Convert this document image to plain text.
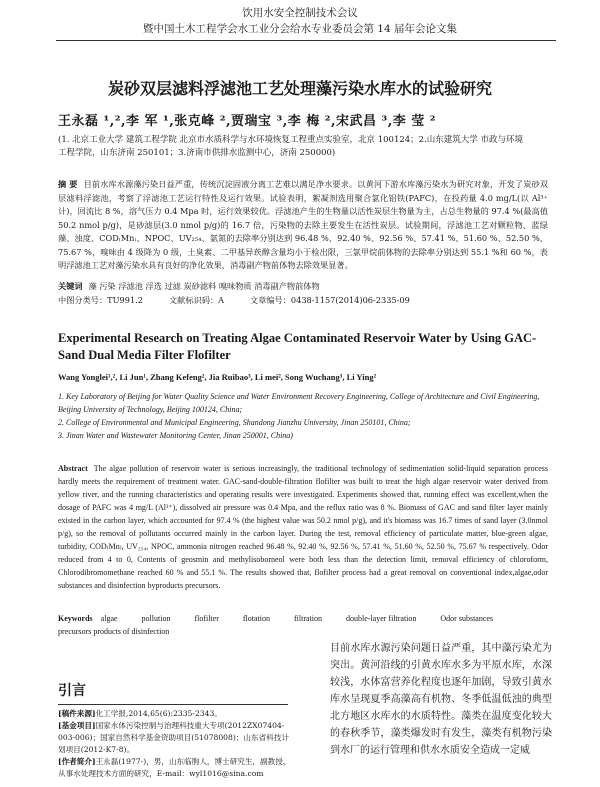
饮用水安全控制技术会议
暨中国土木工程学会水工业分会给水专业委员会第 14 届年会论文集
炭砂双层滤料浮滤池工艺处理藻污染水库水的试验研究
王永磊 ¹,²,李 军 ¹,张克峰 ²,贾瑞宝 ³,李 梅 ²,宋武昌 ³,李 莹 ²
(1. 北京工业大学 建筑工程学院 北京市水质科学与水环境恢复工程重点实验室，北京 100124；2.山东建筑大学 市政与环境
工程学院，山东济南 250101；3.济南市供排水监测中心，济南 250000)
摘 要 目前水库水源藻污染日益严重，传统沉淀固液分离工艺难以满足净水要求。以黄河下游水库藻污染水为研究对象，开发了炭砂双层滤料浮滤池，考察了浮滤池工艺运行特性及运行效果。试验表明，絮凝剂选用聚合氯化铝铁(PAFC)，在投药量 4.0 mg/L(以 Al³⁺计)，回流比 8 %，溶气压力 0.4 Mpa 时，运行效果较优。浮滤池产生的生物量以活性炭层生物量为主，占总生物量的 97.4 %(最高值 50.2 nmol p/g)，是砂滤层(3.0 nmol p/g)的 16.7 倍，污染物的去除主要发生在活性炭层。试验期间，浮滤池工艺对颗粒物、蓝绿藻、浊度、COD₍Mn₎、NPOC、UV₂₅₄、氨氮的去除率分别达到 96.48 %、92.40 %、92.56 %、57.41 %、51.60 %、52.50 %、75.67 %，嗅味由 4 级降为 0 级，土臭素、二甲基异莰醇含量均小于检出限，三氯甲烷前体物的去除率分别达到 55.1 %和 60 %，表明浮滤池工艺对藻污染水具有良好的净化效果，消毒副产物前体物去除效果显著。
关键词 藻 污染 浮滤池 浮选 过滤 炭砂滤料 嗅味物质 消毒副产物前体物
中图分类号：TU991.2	文献标识码：A	文章编号：0438-1157(2014)06-2335-09
Experimental Research on Treating Algae Contaminated Reservoir Water by Using GAC-Sand Dual Media Filter Flofilter
Wang Yonglei¹,², Li Jun¹, Zhang Kefeng², Jia Ruibao³, Li mei², Song Wuchang³, Li Ying²
1. Key Laboratory of Beijing for Water Quality Science and Water Environment Recovery Engineering, College of Architecture and Civil Engineering, Beijing University of Technology, Beijing 100124, China;
2. College of Environmental and Municipal Engineering, Shandong Jianzhu University, Jinan 250101, China;
3. Jinan Water and Wastewater Monitoring Center, Jinan 250001, China)
Abstract The algae pollution of reservoir water is serious increasingly, the traditional technology of sedimentation solid-liquid separation process hardly meets the requirement of treatment water. GAC-sand-double-filtration flofilter was built to treat the high algae reservoir water derived from yellow river, and the running characteristics and operating results were investigated. Experiments showed that, running effect was excellent,when the dosage of PAFC was 4 mg/L (Al³⁺), dissolved air pressure was 0.4 Mpa, and the reflux ratio was 8 %. Biomass of GAC and sand filter layer mainly existed in the carbon layer, which accounted for 97.4 % (the highest value was 50.2 nmol p/g), and it's biomass was 16.7 times of sand layer (3.0nmol p/g), so the removal of pollutants occurred mainly in the carbon layer. During the test, removal efficiency of particulate matter, blue-green algae, turbidity, COD₍Mn₎, UV₂₅₄, NPOC, ammonia nitrogen reached 96.48 %, 92.40 %, 92.56 %, 57.41 %, 51.60 %, 52.50 %, 75.67 % respectively. Odor reduced from 4 to 0, Contents of geosmin and methylisoborneol were both less than the detection limit, removal efficiency of chloroform, Chlorodibromomethane reached 60 % and 55.1 %. The results showed that, flofilter process had a great removal on conventional index,algae,odor substances and disinfection byproducts precursors.
Keywords algae	pollution	flofilter	flotation	filtration	double-layer filtration	Odor substances precursors products of disinfection
引言
[稿件来源]化工学报,2014,65(6):2335-2343。
[基金项目]国家水体污染控制与治理科技重大专项(2012ZX07404-003-006)；国家自然科学基金资助项目(51078008)；山东省科技计划项目(2012-K7-8)。
[作者简介]王永磊(1977-)，男，山东临朐人，博士研究生，副教授，从事水处理技术方面的研究，E-mail：wyl1016@sina.com
目前水库水源污染问题日益严重，其中藻污染尤为突出。黄河沿线的引黄水库水多为平原水库，水深较浅，水体富营养化程度也逐年加剧，导致引黄水库水呈现夏季高藻高有机物、冬季低温低浊的典型北方地区水库水的水质特性。藻类在温度变化较大的春秋季节，藻类爆发时有发生，藻类有机物污染到水厂的运行管理和供水水质安全造成一定威
